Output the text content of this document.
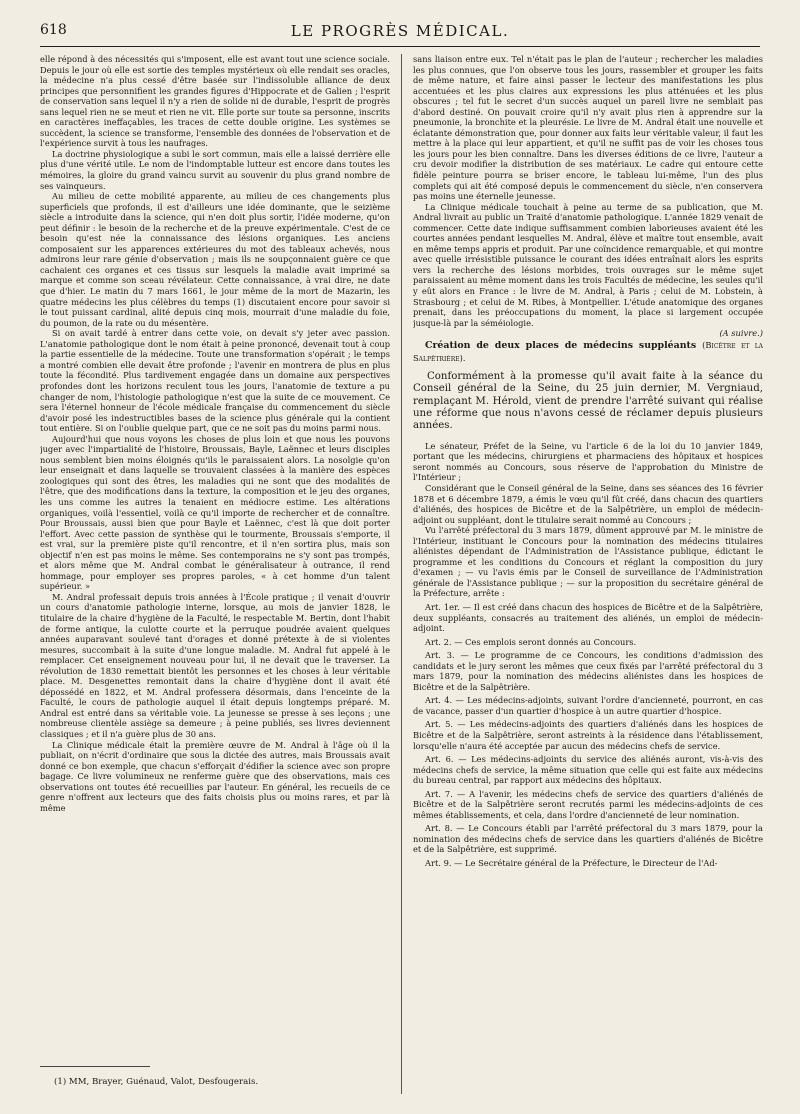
618	LE PROGRÈS MÉDICAL.

elle répond à des nécessités qui s'imposent, elle est avant tout une science sociale. Depuis le jour où elle est sortie des temples mystérieux où elle rendait ses oracles, la médecine n'a plus cessé d'être basée sur l'indissoluble alliance de deux principes que personnifient les grandes figures d'Hippocrate et de Galien ; l'esprit de conservation sans lequel il n'y a rien de solide ni de durable, l'esprit de progrès sans lequel rien ne se meut et rien ne vit. Elle porte sur toute sa personne, inscrits en caractères ineffaçables, les traces de cette double origine. Les systèmes se succèdent, la science se transforme, l'ensemble des données de l'observation et de l'expérience survit à tous les naufrages.

La doctrine physiologique a subi le sort commun, mais elle a laissé derrière elle plus d'une vérité utile. Le nom de l'indomptable lutteur est encore dans toutes les mémoires, la gloire du grand vaincu survit au souvenir du plus grand nombre de ses vainqueurs.

Au milieu de cette mobilité apparente, au milieu de ces changements plus superficiels que profonds, il est d'ailleurs une idée dominante, que le seizième siècle a introduite dans la science, qui n'en doit plus sortir, l'idée moderne, qu'on peut définir : le besoin de la recherche et de la preuve expérimentale. C'est de ce besoin qu'est née la connaissance des lésions organiques. Les anciens composaient sur les apparences extérieures du mot des tableaux achevés, nous admirons leur rare génie d'observation ; mais ils ne soupçonnaient guère ce que cachaient ces organes et ces tissus sur lesquels la maladie avait imprimé sa marque et comme son sceau révélateur. Cette connaissance, à vrai dire, ne date que d'hier. Le matin du 7 mars 1661, le jour même de la mort de Mazarin, les quatre médecins les plus célèbres du temps (1) discutaient encore pour savoir si le tout puissant cardinal, alité depuis cinq mois, mourrait d'une maladie du foie, du poumon, de la rate ou du mésentère.

Si on avait tardé à entrer dans cette voie, on devait s'y jeter avec passion. L'anatomie pathologique dont le nom était à peine prononcé, devenait tout à coup la partie essentielle de la médecine. Toute une transformation s'opérait ; le temps a montré combien elle devait être profonde ; l'avenir en montrera de plus en plus toute la fécondité. Plus tardivement engagée dans un domaine aux perspectives profondes dont les horizons reculent tous les jours, l'anatomie de texture a pu changer de nom, l'histologie pathologique n'est que la suite de ce mouvement. Ce sera l'éternel honneur de l'école médicale française du commencement du siècle d'avoir posé les indestructibles bases de la science plus générale qui la contient tout entière. Si on l'oublie quelque part, que ce ne soit pas du moins parmi nous.

Aujourd'hui que nous voyons les choses de plus loin et que nous les pouvons juger avec l'impartialité de l'histoire, Broussais, Bayle, Laënnec et leurs disciples nous semblent bien moins éloignés qu'ils le paraissaient alors. La nosolgie qu'on leur enseignait et dans laquelle se trouvaient classées à la manière des espèces zoologiques qui sont des êtres, les maladies qui ne sont que des modalités de l'être, que des modifications dans la texture, la composition et le jeu des organes, les uns comme les autres la tenaient en médiocre estime. Les altérations organiques, voilà l'essentiel, voilà ce qu'il importe de rechercher et de connaître. Pour Broussais, aussi bien que pour Bayle et Laënnec, c'est là que doit porter l'effort. Avec cette passion de synthèse qui le tourmente, Broussais s'emporte, il est vrai, sur la première piste qu'il rencontre, et il n'en sortira plus, mais son objectif n'en est pas moins le même. Ses contemporains ne s'y sont pas trompés, et alors même que M. Andral combat le généralisateur à outrance, il rend hommage, pour employer ses propres paroles, « à cet homme d'un talent supérieur. »

M. Andral professait depuis trois années à l'École pratique ; il venait d'ouvrir un cours d'anatomie pathologie interne, lorsque, au mois de janvier 1828, le titulaire de la chaire d'hygiène de la Faculté, le respectable M. Bertin, dont l'habit de forme antique, la culotte courte et la perruque poudrée avaient quelques années auparavant soulevé tant d'orages et donné prétexte à de si violentes mesures, succombait à la suite d'une longue maladie. M. Andral fut appelé à le remplacer. Cet enseignement nouveau pour lui, il ne devait que le traverser. La révolution de 1830 remettait bientôt les personnes et les choses à leur véritable place. M. Desgenettes remontait dans la chaire d'hygiène dont il avait été dépossédé en 1822, et M. Andral professera désormais, dans l'enceinte de la Faculté, le cours de pathologie auquel il était depuis longtemps préparé. M. Andral est entré dans sa véritable voie. La jeunesse se presse à ses leçons ; une nombreuse clientèle assiège sa demeure ; à peine publiés, ses livres deviennent classiques ; et il n'a guère plus de 30 ans.

La Clinique médicale était la première œuvre de M. Andral à l'âge où il la publiait, on n'écrit d'ordinaire que sous la dictée des autres, mais Broussais avait donné ce bon exemple, que chacun s'efforçait d'édifier la science avec son propre bagage. Ce livre volumineux ne renferme guère que des observations, mais ces observations ont toutes été recueillies par l'auteur. En général, les recueils de ce genre n'offrent aux lecteurs que des faits choisis plus ou moins rares, et par là même

sans liaison entre eux. Tel n'était pas le plan de l'auteur ; rechercher les maladies les plus connues, que l'on observe tous les jours, rassembler et grouper les faits de même nature, et faire ainsi passer le lecteur des manifestations les plus accentuées et les plus claires aux expressions les plus atténuées et les plus obscures ; tel fut le secret d'un succès auquel un pareil livre ne semblait pas d'abord destiné. On pouvait croire qu'il n'y avait plus rien à apprendre sur la pneumonie, la bronchite et la pleurésie. Le livre de M. Andral était une nouvelle et éclatante démonstration que, pour donner aux faits leur véritable valeur, il faut les mettre à la place qui leur appartient, et qu'il ne suffit pas de voir les choses tous les jours pour les bien connaître. Dans les diverses éditions de ce livre, l'auteur a cru devoir modifier la distribution de ses matériaux. Le cadre qui entoure cette fidèle peinture pourra se briser encore, le tableau lui-même, l'un des plus complets qui ait été composé depuis le commencement du siècle, n'en conservera pas moins une éternelle jeunesse.

La Clinique médicale touchait à peine au terme de sa publication, que M. Andral livrait au public un Traité d'anatomie pathologique. L'année 1829 venait de commencer. Cette date indique suffisamment combien laborieuses avaient été les courtes années pendant lesquelles M. Andral, élève et maître tout ensemble, avait en même temps appris et produit. Par une coïncidence remarquable, et qui montre avec quelle irrésistible puissance le courant des idées entraînait alors les esprits vers la recherche des lésions morbides, trois ouvrages sur le même sujet paraissaient au même moment dans les trois Facultés de médecine, les seules qu'il y eût alors en France : le livre de M. Andral, à Paris ; celui de M. Lobstein, à Strasbourg ; et celui de M. Ribes, à Montpellier. L'étude anatomique des organes prenait, dans les préoccupations du moment, la place si largement occupée jusque-là par la séméiologie.

(A suivre.)

Création de deux places de médecins suppléants (Bicêtre et la Salpêtrière).

Conformément à la promesse qu'il avait faite à la séance du Conseil général de la Seine, du 25 juin dernier, M. Vergniaud, remplaçant M. Hérold, vient de prendre l'arrêté suivant qui réalise une réforme que nous n'avons cessé de réclamer depuis plusieurs années.

Le sénateur, Préfet de la Seine, vu l'article 6 de la loi du 10 janvier 1849, portant que les médecins, chirurgiens et pharmaciens des hôpitaux et hospices seront nommés au Concours, sous réserve de l'approbation du Ministre de l'Intérieur ;

Considérant que le Conseil général de la Seine, dans ses séances des 16 février 1878 et 6 décembre 1879, a émis le vœu qu'il fût créé, dans chacun des quartiers d'aliénés, des hospices de Bicêtre et de la Salpêtrière, un emploi de médecin-adjoint ou suppléant, dont le titulaire serait nommé au Concours ;

Vu l'arrêté préfectoral du 3 mars 1879, dûment approuvé par M. le ministre de l'Intérieur, instituant le Concours pour la nomination des médecins titulaires aliénistes dépendant de l'Administration de l'Assistance publique, édictant le programme et les conditions du Concours et réglant la composition du jury d'examen ; — vu l'avis émis par le Conseil de surveillance de l'Administration générale de l'Assistance publique ; — sur la proposition du secrétaire général de la Préfecture, arrête :

Art. 1er. — Il est créé dans chacun des hospices de Bicêtre et de la Salpêtrière, deux suppléants, consacrés au traitement des aliénés, un emploi de médecin-adjoint.

Art. 2. — Ces emplois seront donnés au Concours.

Art. 3. — Le programme de ce Concours, les conditions d'admission des candidats et le jury seront les mêmes que ceux fixés par l'arrêté préfectoral du 3 mars 1879, pour la nomination des médecins aliénistes dans les hospices de Bicêtre et de la Salpêtrière.

Art. 4. — Les médecins-adjoints, suivant l'ordre d'ancienneté, pourront, en cas de vacance, passer d'un quartier d'hospice à un autre quartier d'hospice.

Art. 5. — Les médecins-adjoints des quartiers d'aliénés dans les hospices de Bicêtre et de la Salpêtrière, seront astreints à la résidence dans l'établissement, lorsqu'elle n'aura été acceptée par aucun des médecins chefs de service.

Art. 6. — Les médecins-adjoints du service des aliénés auront, vis-à-vis des médecins chefs de service, la même situation que celle qui est faite aux médecins du bureau central, par rapport aux médecins des hôpitaux.

Art. 7. — A l'avenir, les médecins chefs de service des quartiers d'aliénés de Bicêtre et de la Salpêtrière seront recrutés parmi les médecins-adjoints de ces mêmes établissements, et cela, dans l'ordre d'ancienneté de leur nomination.

Art. 8. — Le Concours établi par l'arrêté préfectoral du 3 mars 1879, pour la nomination des médecins chefs de service dans les quartiers d'aliénés de Bicêtre et de la Salpêtrière, est supprimé.

Art. 9. — Le Secrétaire général de la Préfecture, le Directeur de l'Ad-

(1) MM, Brayer, Guénaud, Valot, Desfougerais.
